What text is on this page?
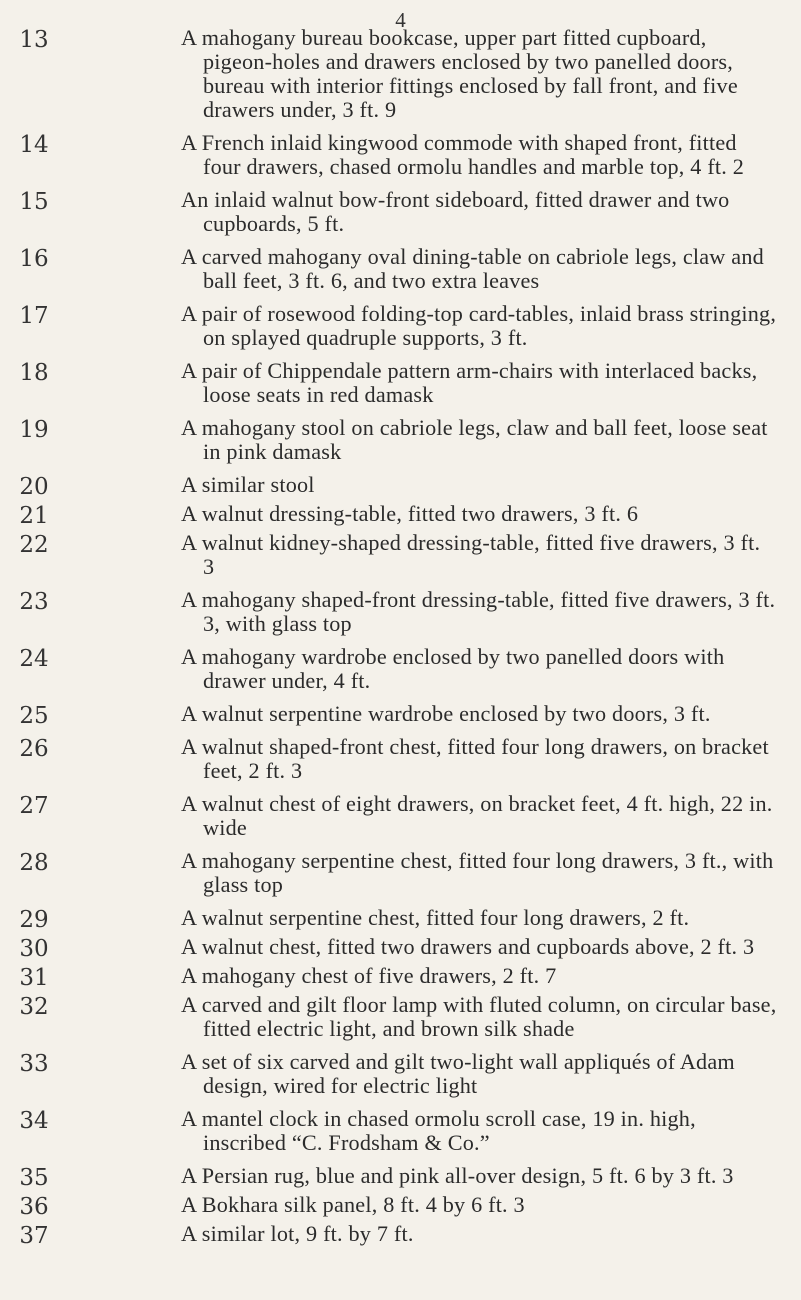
4
13	A mahogany bureau bookcase, upper part fitted cupboard, pigeon-holes and drawers enclosed by two panelled doors, bureau with interior fittings enclosed by fall front, and five drawers under, 3 ft. 9
14	A French inlaid kingwood commode with shaped front, fitted four drawers, chased ormolu handles and marble top, 4 ft. 2
15	An inlaid walnut bow-front sideboard, fitted drawer and two cupboards, 5 ft.
16	A carved mahogany oval dining-table on cabriole legs, claw and ball feet, 3 ft. 6, and two extra leaves
17	A pair of rosewood folding-top card-tables, inlaid brass stringing, on splayed quadruple supports, 3 ft.
18	A pair of Chippendale pattern arm-chairs with interlaced backs, loose seats in red damask
19	A mahogany stool on cabriole legs, claw and ball feet, loose seat in pink damask
20	A similar stool
21	A walnut dressing-table, fitted two drawers, 3 ft. 6
22	A walnut kidney-shaped dressing-table, fitted five drawers, 3 ft. 3
23	A mahogany shaped-front dressing-table, fitted five drawers, 3 ft. 3, with glass top
24	A mahogany wardrobe enclosed by two panelled doors with drawer under, 4 ft.
25	A walnut serpentine wardrobe enclosed by two doors, 3 ft.
26	A walnut shaped-front chest, fitted four long drawers, on bracket feet, 2 ft. 3
27	A walnut chest of eight drawers, on bracket feet, 4 ft. high, 22 in. wide
28	A mahogany serpentine chest, fitted four long drawers, 3 ft., with glass top
29	A walnut serpentine chest, fitted four long drawers, 2 ft.
30	A walnut chest, fitted two drawers and cupboards above, 2 ft. 3
31	A mahogany chest of five drawers, 2 ft. 7
32	A carved and gilt floor lamp with fluted column, on circular base, fitted electric light, and brown silk shade
33	A set of six carved and gilt two-light wall appliqués of Adam design, wired for electric light
34	A mantel clock in chased ormolu scroll case, 19 in. high, inscribed “C. Frodsham & Co.”
35	A Persian rug, blue and pink all-over design, 5 ft. 6 by 3 ft. 3
36	A Bokhara silk panel, 8 ft. 4 by 6 ft. 3
37	A similar lot, 9 ft. by 7 ft.
